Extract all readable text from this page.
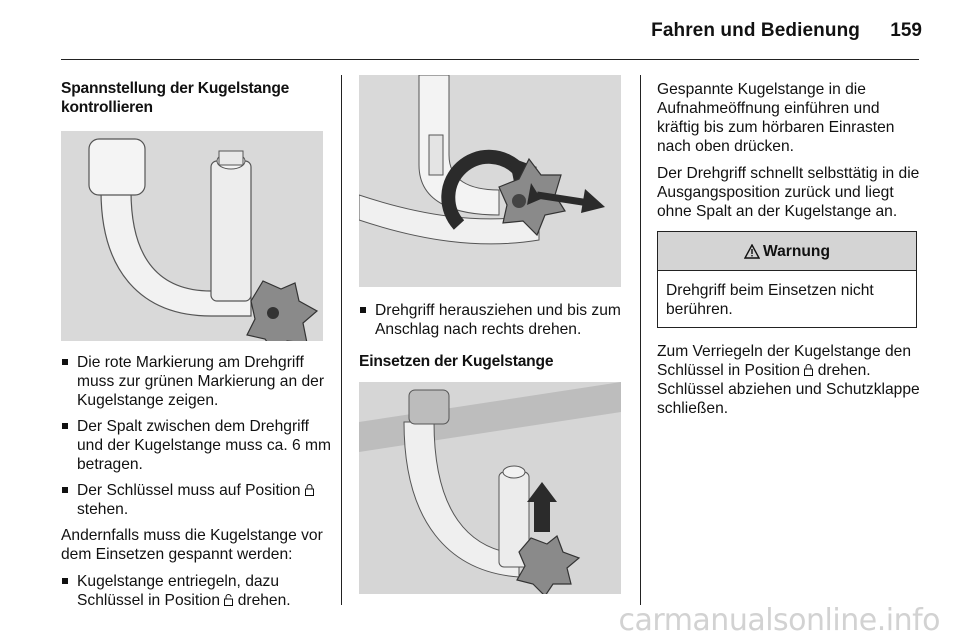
Fahren und Bedienung 159
Spannstellung der Kugelstange kontrollieren
Die rote Markierung am Drehgriff muss zur grünen Markierung an der Kugelstange zeigen.
Der Spalt zwischen dem Drehgriff und der Kugelstange muss ca. 6 mm betragen.
Der Schlüssel muss auf Position
stehen.

Andernfalls muss die Kugelstange vor dem Einsetzen gespannt werden:

Kugelstange entriegeln, dazu Schlüssel in Position drehen.
Drehgriff herausziehen und bis zum Anschlag nach rechts drehen.
Einsetzen der Kugelstange

Gespannte Kugelstange in die Aufnahmeöffnung einführen und kräftig bis zum hörbaren Einrasten nach oben drücken.

Der Drehgriff schnellt selbsttätig in die Ausgangsposition zurück und liegt ohne Spalt an der Kugelstange an.

Warnung
Drehgriff beim Einsetzen nicht berühren.

Zum Verriegeln der Kugelstange den Schlüssel in Position drehen. Schlüssel abziehen und Schutzklappe schließen.

carmanualsonline.info
